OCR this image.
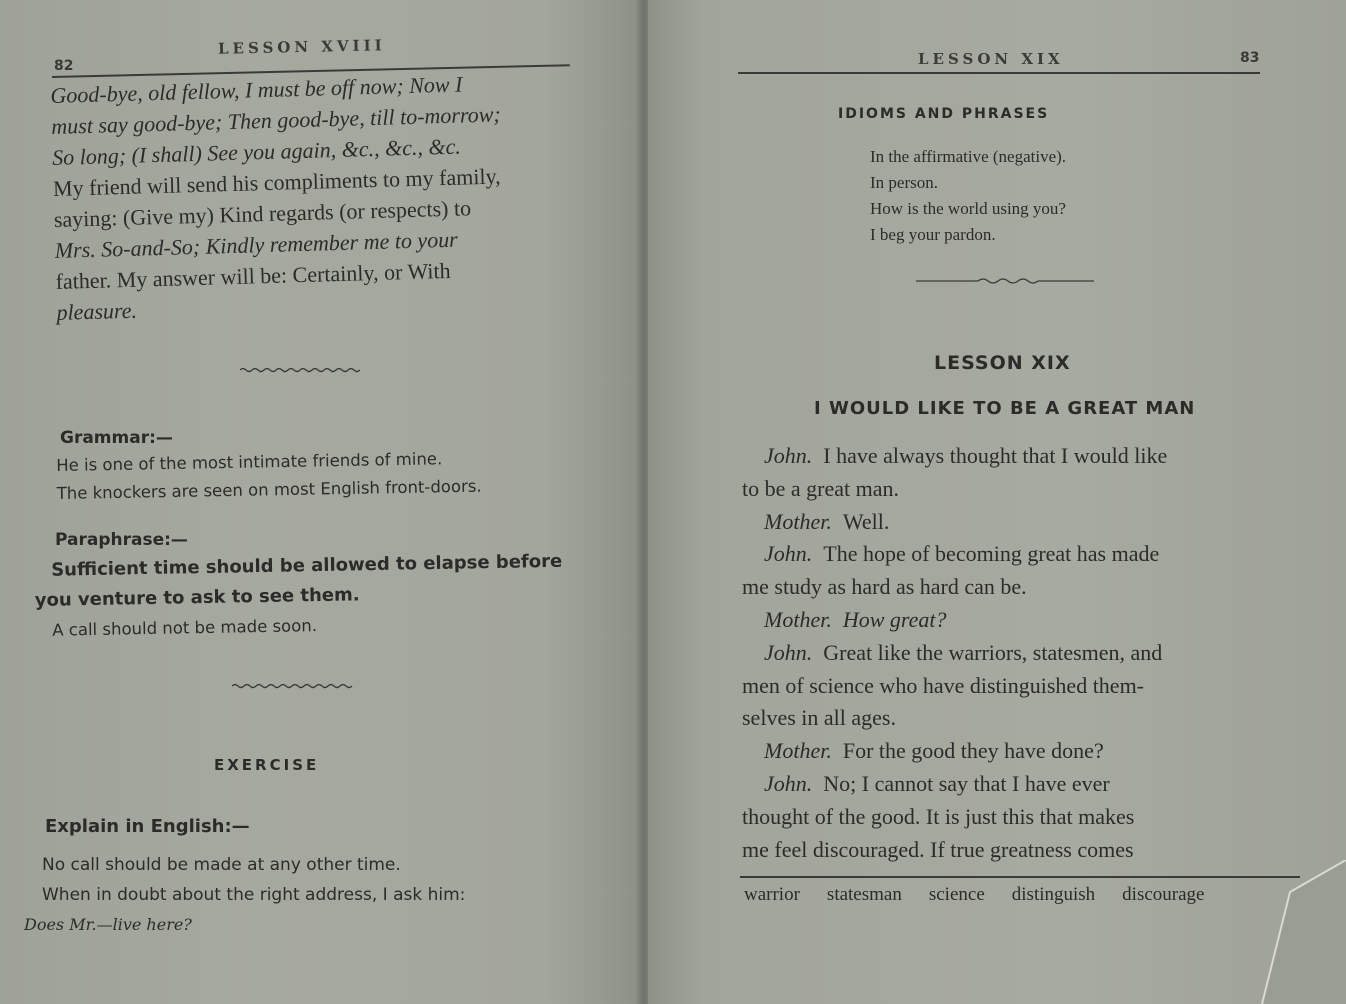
82
LESSON XVIII
Good-bye, old fellow, I must be off now; Now I
must say good-bye; Then good-bye, till to-morrow;
So long; (I shall) See you again, &c., &c., &c.
My friend will send his compliments to my family,
saying: (Give my) Kind regards (or respects) to
Mrs. So-and-So; Kindly remember me to your
father. My answer will be: Certainly, or With
pleasure.
Grammar:—
He is one of the most intimate friends of mine.
The knockers are seen on most English front-doors.
Paraphrase:—
Sufficient time should be allowed to elapse before
you venture to ask to see them.
A call should not be made soon.
EXERCISE
Explain in English:—
No call should be made at any other time.
When in doubt about the right address, I ask him:
Does Mr.—live here?
LESSON XIX	83
IDIOMS AND PHRASES
In the affirmative (negative).
In person.
How is the world using you?
I beg your pardon.
LESSON XIX
I WOULD LIKE TO BE A GREAT MAN

John. I have always thought that I would like

to be a great man.

Mother. Well.

John. The hope of becoming great has made

me study as hard as hard can be.

Mother. How great?

John. Great like the warriors, statesmen, and

men of science who have distinguished them-

selves in all ages.

Mother. For the good they have done?

John. No; I cannot say that I have ever

thought of the good. It is just this that makes

me feel discouraged. If true greatness comes

warrior statesman science distinguish discourage
